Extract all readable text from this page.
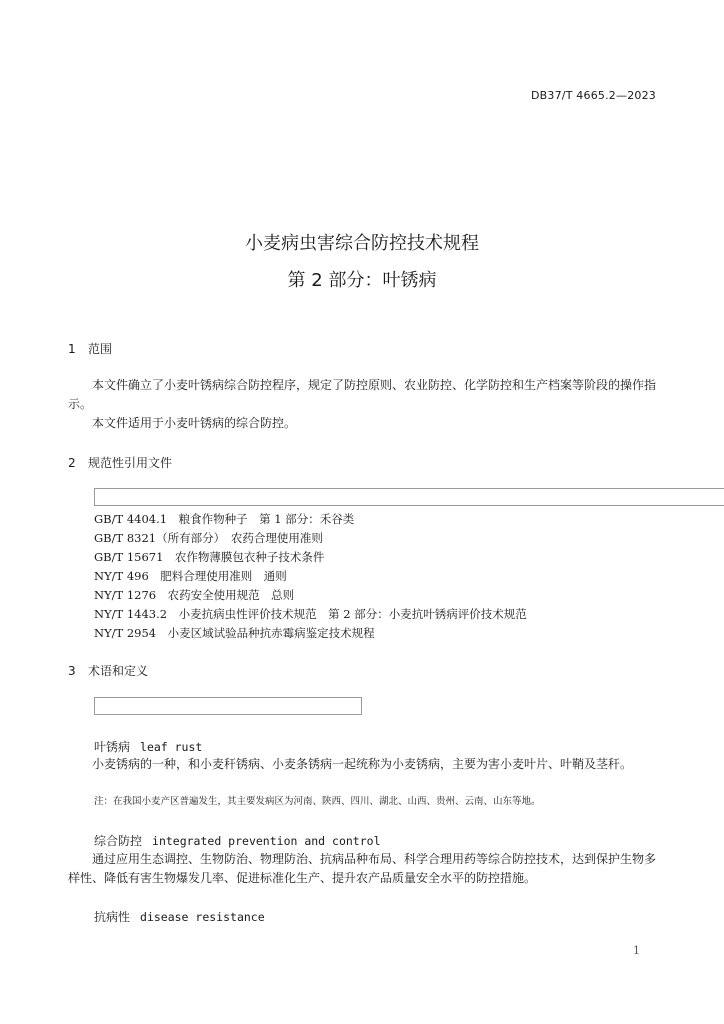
DB37/T 4665.2—2023
小麦病虫害综合防控技术规程
第 2 部分：叶锈病
1 范围

本文件确立了小麦叶锈病综合防控程序，规定了防控原则、农业防控、化学防控和生产档案等阶段的操作指示。

本文件适用于小麦叶锈病的综合防控。

2 规范性引用文件
GB/T 4404.1　粮食作物种子　第 1 部分：禾谷类
GB/T 8321（所有部分）　农药合理使用准则
GB/T 15671　农作物薄膜包衣种子技术条件
NY/T 496　肥料合理使用准则　通则
NY/T 1276　农药安全使用规范　总则
NY/T 1443.2　小麦抗病虫性评价技术规范　第 2 部分：小麦抗叶锈病评价技术规范
NY/T 2954　小麦区域试验品种抗赤霉病鉴定技术规程
3 术语和定义
叶锈病 leaf rust

小麦锈病的一种，和小麦秆锈病、小麦条锈病一起统称为小麦锈病，主要为害小麦叶片、叶鞘及茎秆。

注：在我国小麦产区普遍发生，其主要发病区为河南、陕西、四川、湖北、山西、贵州、云南、山东等地。
综合防控 integrated prevention and control

通过应用生态调控、生物防治、物理防治、抗病品种布局、科学合理用药等综合防控技术，达到保护生物多样性、降低有害生物爆发几率、促进标准化生产、提升农产品质量安全水平的防控措施。

抗病性 disease resistance
1
